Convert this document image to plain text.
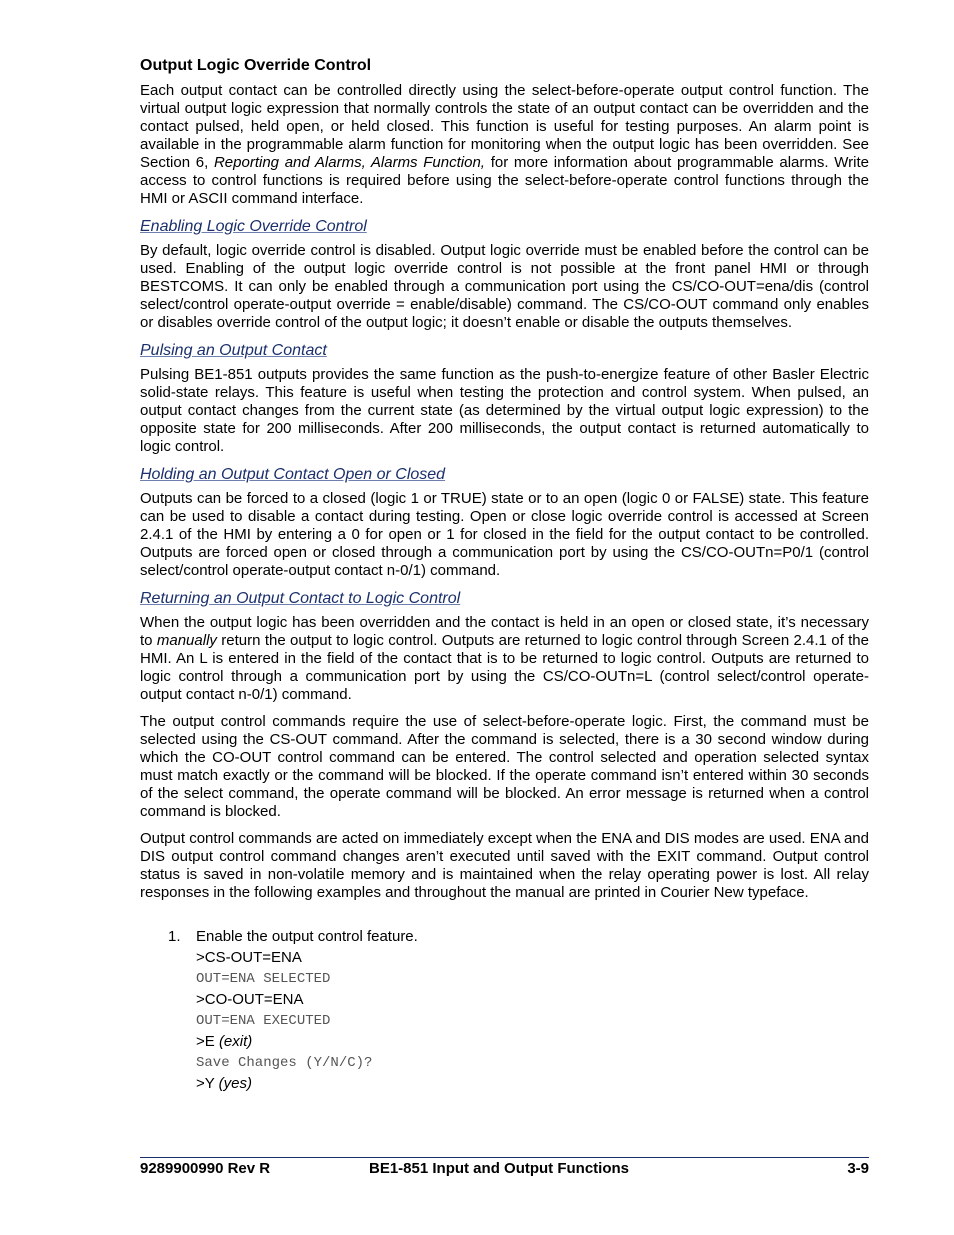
Output Logic Override Control

Each output contact can be controlled directly using the select-before-operate output control function. The virtual output logic expression that normally controls the state of an output contact can be overridden and the contact pulsed, held open, or held closed. This function is useful for testing purposes. An alarm point is available in the programmable alarm function for monitoring when the output logic has been overridden. See Section 6, Reporting and Alarms, Alarms Function, for more information about programmable alarms. Write access to control functions is required before using the select-before-operate control functions through the HMI or ASCII command interface.

Enabling Logic Override Control

By default, logic override control is disabled. Output logic override must be enabled before the control can be used. Enabling of the output logic override control is not possible at the front panel HMI or through BESTCOMS. It can only be enabled through a communication port using the CS/CO-OUT=ena/dis (control select/control operate-output override = enable/disable) command. The CS/CO-OUT command only enables or disables override control of the output logic; it doesn’t enable or disable the outputs themselves.

Pulsing an Output Contact

Pulsing BE1-851 outputs provides the same function as the push-to-energize feature of other Basler Electric solid-state relays. This feature is useful when testing the protection and control system. When pulsed, an output contact changes from the current state (as determined by the virtual output logic expression) to the opposite state for 200 milliseconds. After 200 milliseconds, the output contact is returned automatically to logic control.

Holding an Output Contact Open or Closed

Outputs can be forced to a closed (logic 1 or TRUE) state or to an open (logic 0 or FALSE) state. This feature can be used to disable a contact during testing. Open or close logic override control is accessed at Screen 2.4.1 of the HMI by entering a 0 for open or 1 for closed in the field for the output contact to be controlled. Outputs are forced open or closed through a communication port by using the CS/CO-OUTn=P0/1 (control select/control operate-output contact n-0/1) command.

Returning an Output Contact to Logic Control

When the output logic has been overridden and the contact is held in an open or closed state, it’s necessary to manually return the output to logic control. Outputs are returned to logic control through Screen 2.4.1 of the HMI. An L is entered in the field of the contact that is to be returned to logic control. Outputs are returned to logic control through a communication port by using the CS/CO-OUTn=L (control select/control operate-output contact n-0/1) command.

The output control commands require the use of select-before-operate logic. First, the command must be selected using the CS-OUT command. After the command is selected, there is a 30 second window during which the CO-OUT control command can be entered. The control selected and operation selected syntax must match exactly or the command will be blocked. If the operate command isn’t entered within 30 seconds of the select command, the operate command will be blocked. An error message is returned when a control command is blocked.

Output control commands are acted on immediately except when the ENA and DIS modes are used. ENA and DIS output control command changes aren’t executed until saved with the EXIT command. Output control status is saved in non-volatile memory and is maintained when the relay operating power is lost. All relay responses in the following examples and throughout the manual are printed in Courier New typeface.

1.	Enable the output control feature.
>CS-OUT=ENA
OUT=ENA SELECTED
>CO-OUT=ENA
OUT=ENA EXECUTED
>E (exit)
Save Changes (Y/N/C)?
>Y (yes)
9289900990 Rev R	BE1-851 Input and Output Functions	3-9
